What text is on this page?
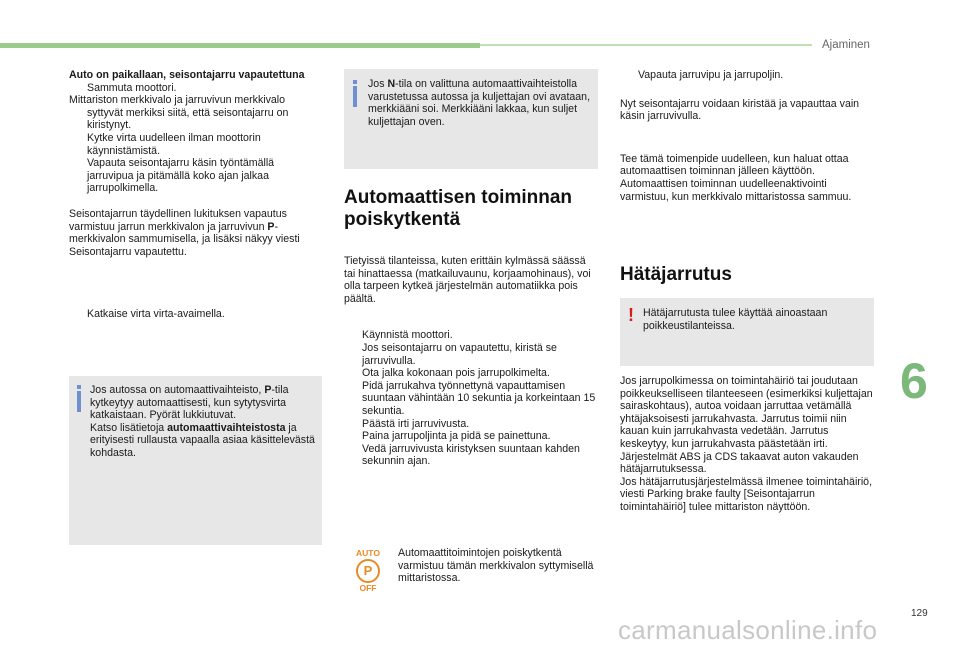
Ajaminen

Auto on paikallaan, seisontajarru vapautettuna

Sammuta moottori.

Mittariston merkkivalo ja jarruvivun merkkivalo syttyvät merkiksi siitä, että seisontajarru on kiristynyt.

Kytke virta uudelleen ilman moottorin käynnistämistä.
Vapauta seisontajarru käsin työntämällä jarruvipua ja pitämällä koko ajan jalkaa jarrupolkimella.

Seisontajarrun täydellinen lukituksen vapautus varmistuu jarrun merkkivalon ja jarruvivun P-merkkivalon sammumisella, ja lisäksi näkyy viesti Seisontajarru vapautettu.

Katkaise virta virta-avaimella.

Jos autossa on automaattivaihteisto, P-tila kytkeytyy automaattisesti, kun sytytysvirta katkaistaan. Pyörät lukkiutuvat.

Katso lisätietoja automaattivaihteistosta ja erityisesti rullausta vapaalla asiaa käsittelevästä kohdasta.

Jos N-tila on valittuna automaattivaihteistolla varustetussa autossa ja kuljettajan ovi avataan, merkkiääni soi. Merkkiääni lakkaa, kun suljet kuljettajan oven.

Automaattisen toiminnan poiskytkentä

Tietyissä tilanteissa, kuten erittäin kylmässä säässä tai hinattaessa (matkailuvaunu, korjaamohinaus), voi olla tarpeen kytkeä järjestelmän automatiikka pois päältä.

Käynnistä moottori.
Jos seisontajarru on vapautettu, kiristä se jarruvivulla.
Ota jalka kokonaan pois jarrupolkimelta.
Pidä jarrukahva työnnettynä vapauttamisen suuntaan vähintään 10 sekuntia ja korkeintaan 15 sekuntia.
Päästä irti jarruvivusta.
Paina jarrupoljinta ja pidä se painettuna.
Vedä jarruvivusta kiristyksen suuntaan kahden sekunnin ajan.
AUTO
P
OFF
Automaattitoimintojen poiskytkentä varmistuu tämän merkkivalon syttymisellä mittaristossa.
Vapauta jarruvipu ja jarrupoljin.

Nyt seisontajarru voidaan kiristää ja vapauttaa vain käsin jarruvivulla.

Tee tämä toimenpide uudelleen, kun haluat ottaa automaattisen toiminnan jälleen käyttöön. Automaattisen toiminnan uudelleenaktivointi varmistuu, kun merkkivalo mittaristossa sammuu.

Hätäjarrutus
! Hätäjarrutusta tulee käyttää ainoastaan poikkeustilanteissa.

Jos jarrupolkimessa on toimintahäiriö tai joudutaan poikkeukselliseen tilanteeseen (esimerkiksi kuljettajan sairaskohtaus), autoa voidaan jarruttaa vetämällä yhtäjaksoisesti jarrukahvasta. Jarrutus toimii niin kauan kuin jarrukahvasta vedetään. Jarrutus keskeytyy, kun jarrukahvasta päästetään irti.

Järjestelmät ABS ja CDS takaavat auton vakauden hätäjarrutuksessa.

Jos hätäjarrutusjärjestelmässä ilmenee toimintahäiriö, viesti Parking brake faulty [Seisontajarrun toimintahäiriö] tulee mittariston näyttöön.

6
129
carmanualsonline.info
